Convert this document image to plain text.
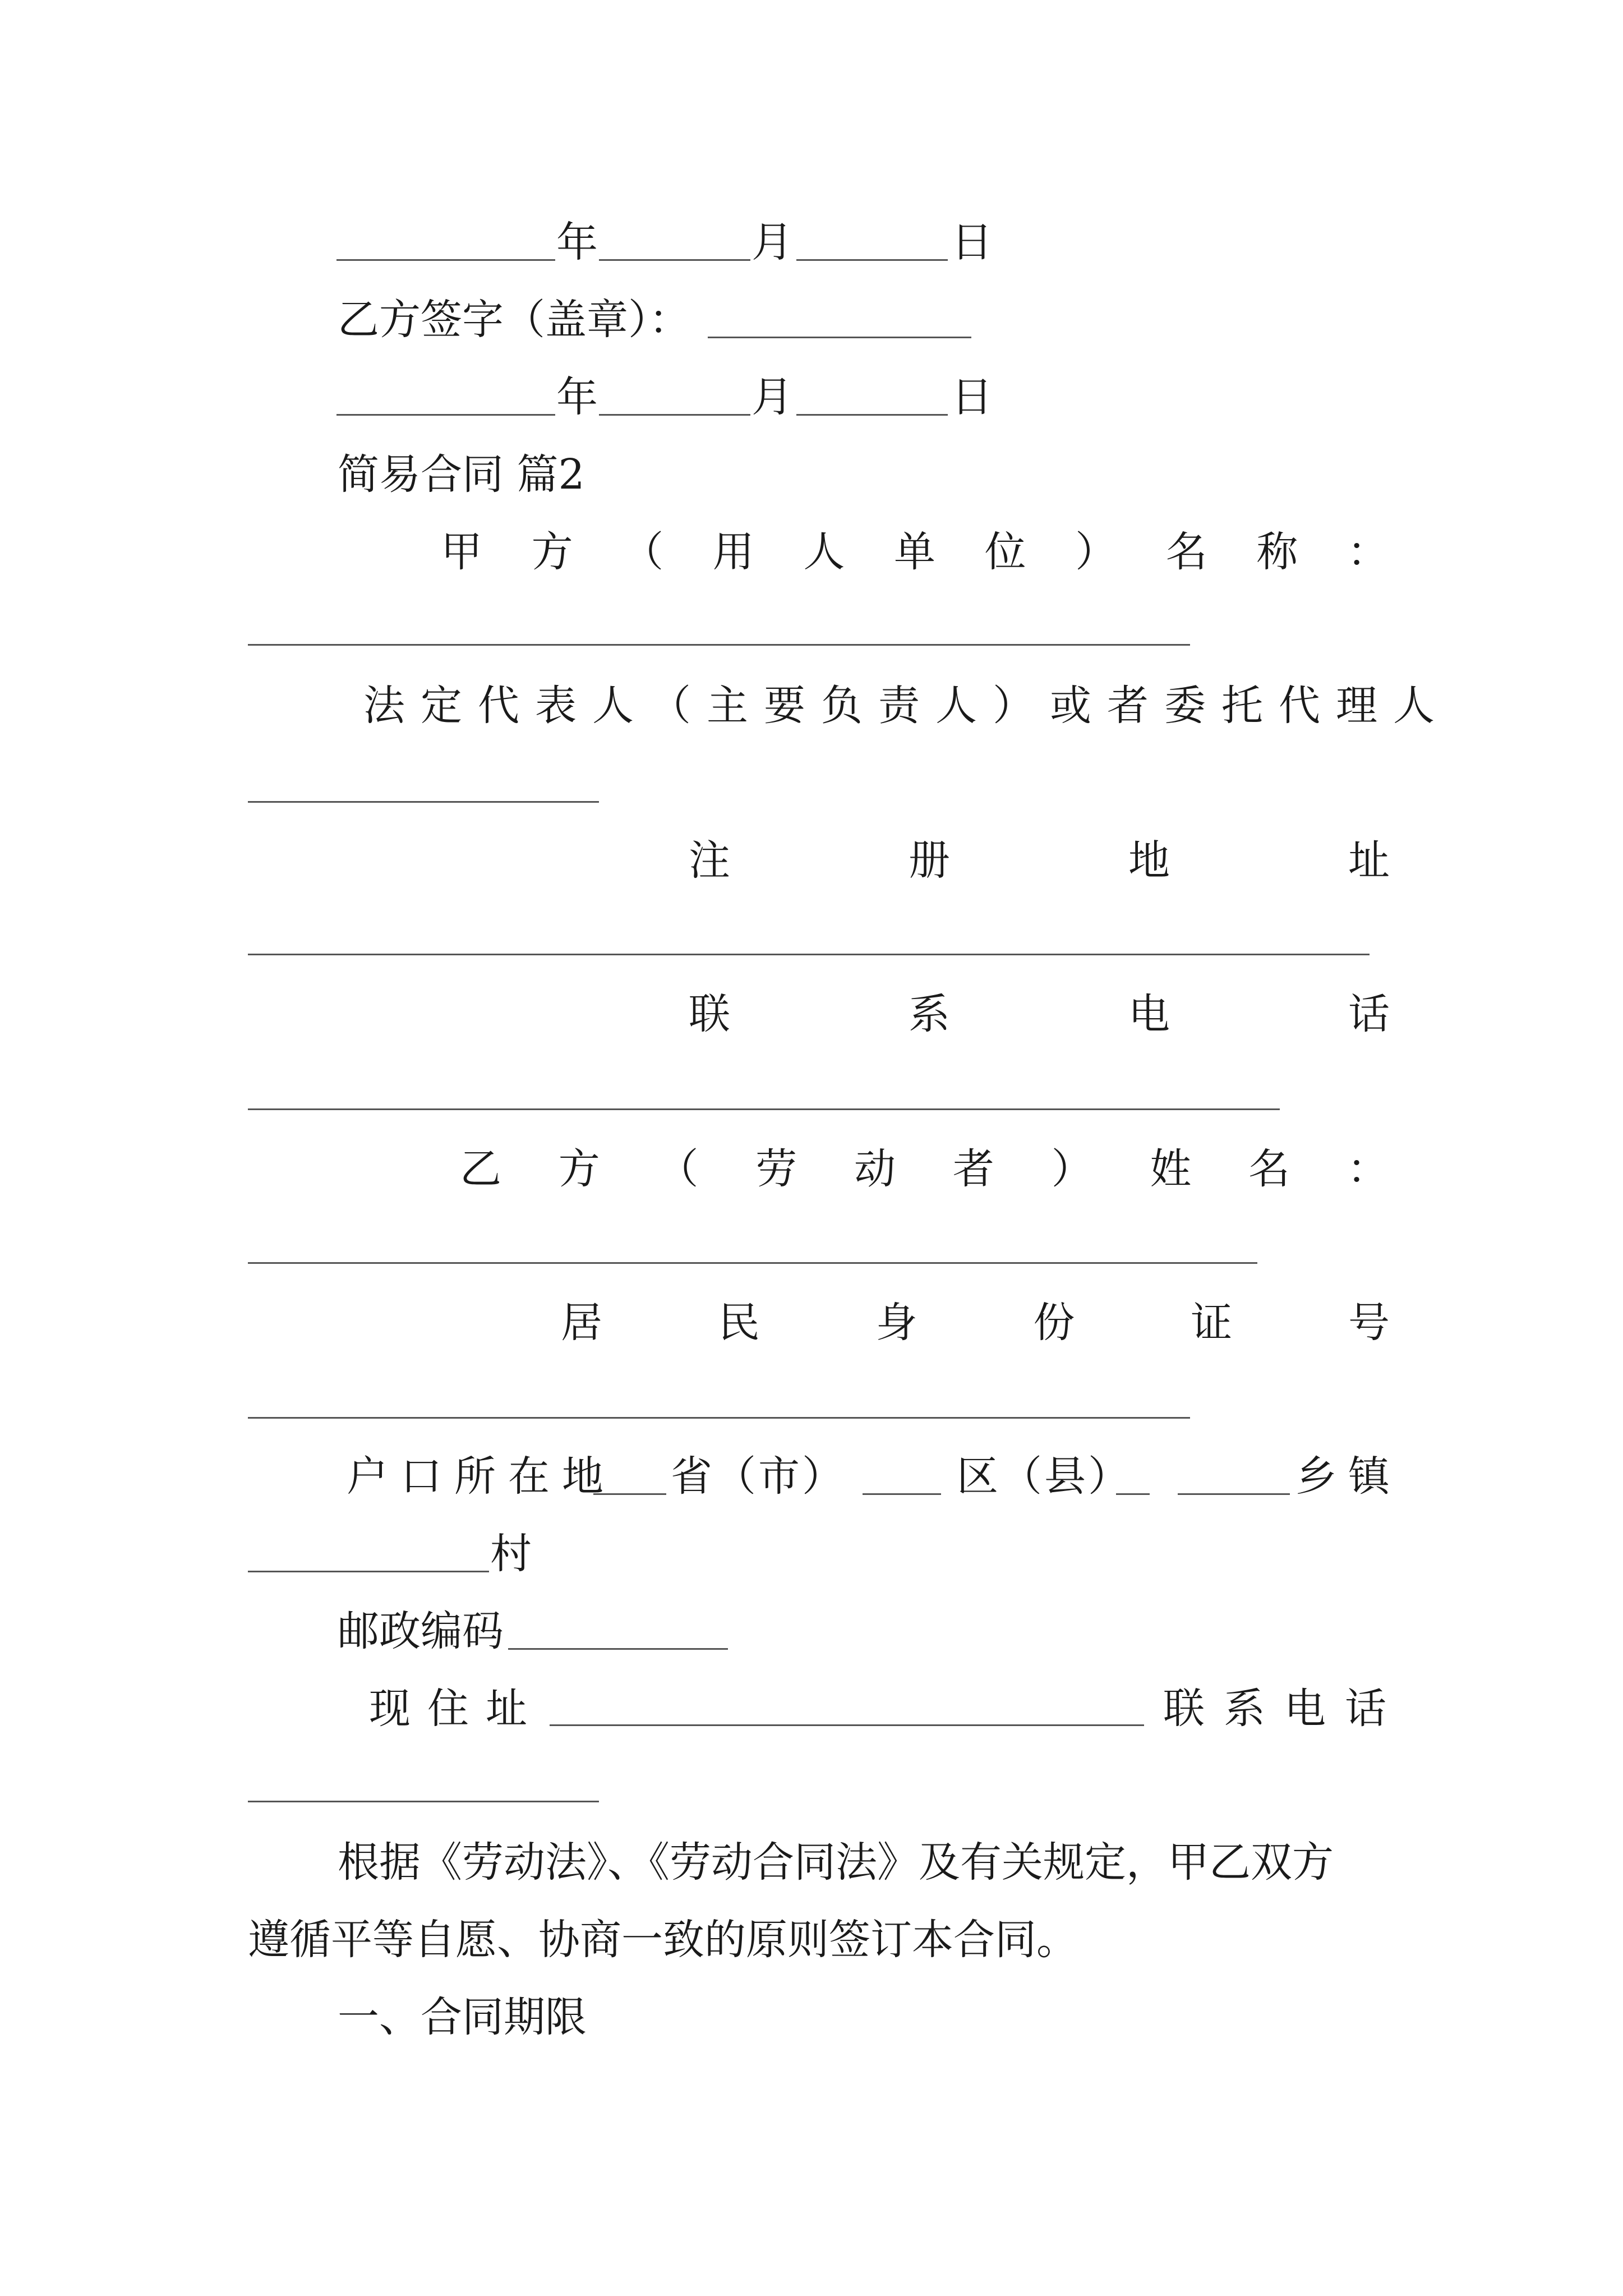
年	月	日
乙方签字（盖章）：
年	月	日
简易合同 篇2
甲 方 （ 用 人 单 位 ） 名 称 ：
法定代表人（主要负责人）或者委托代理人
注	册	地	址
联	系	电	话
乙 方 （ 劳 动 者 ） 姓 名 ：
居	民	身	份	证	号
户口所在地 省（市）	区（县）	乡镇
村
邮政编码
现住址	联系电话
根据《劳动法》、《劳动合同法》及有关规定，甲乙双方
遵循平等自愿、协商一致的原则签订本合同。
一、合同期限
